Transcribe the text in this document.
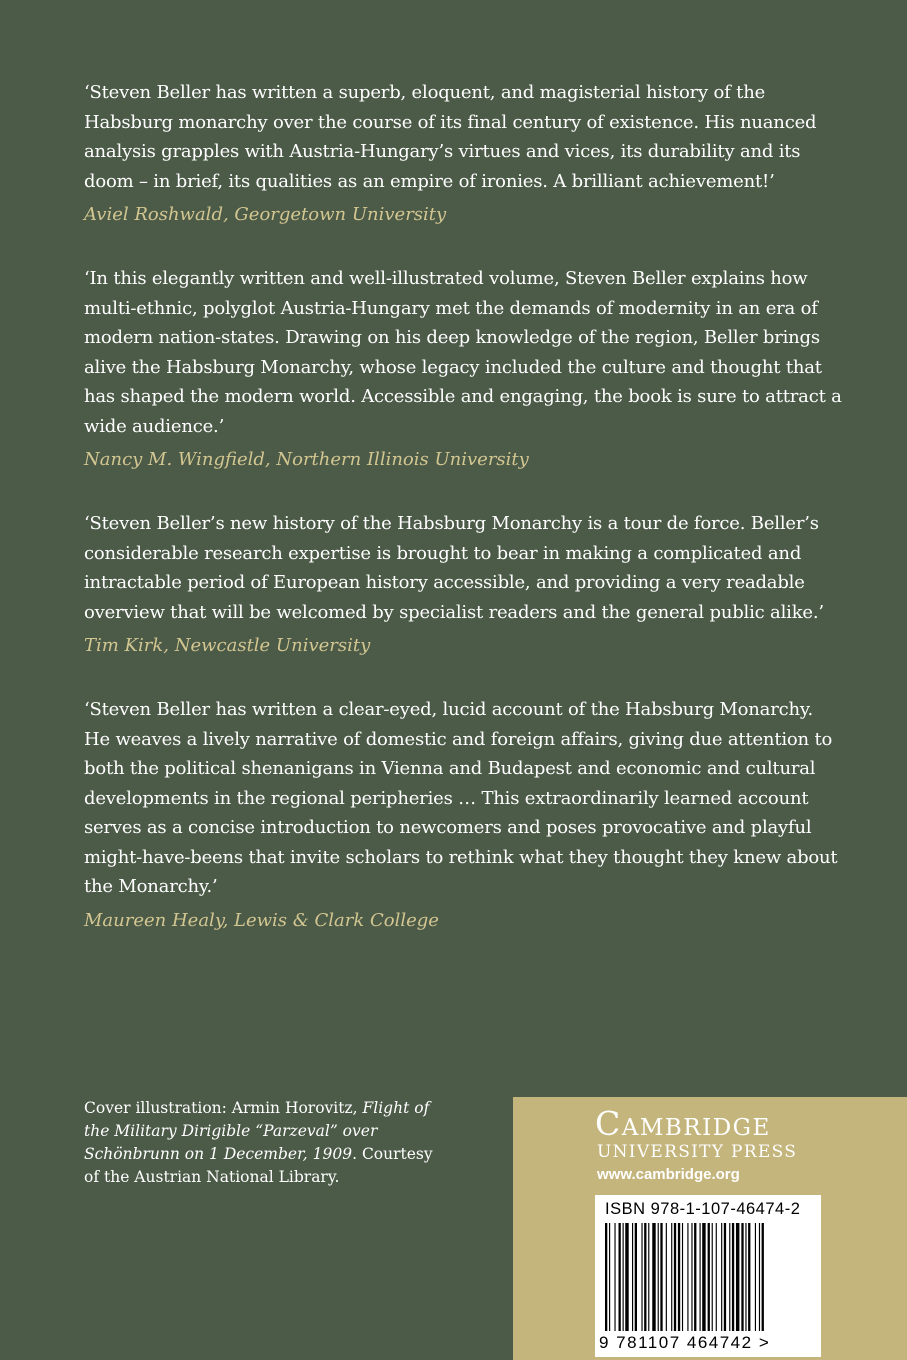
‘Steven Beller has written a superb, eloquent, and magisterial history of the Habsburg monarchy over the course of its final century of existence. His nuanced analysis grapples with Austria-Hungary’s virtues and vices, its durability and its doom – in brief, its qualities as an empire of ironies. A brilliant achievement!’

Aviel Roshwald, Georgetown University

‘In this elegantly written and well-illustrated volume, Steven Beller explains how multi-ethnic, polyglot Austria-Hungary met the demands of modernity in an era of modern nation-states. Drawing on his deep knowledge of the region, Beller brings alive the Habsburg Monarchy, whose legacy included the culture and thought that has shaped the modern world. Accessible and engaging, the book is sure to attract a wide audience.’

Nancy M. Wingfield, Northern Illinois University

‘Steven Beller’s new history of the Habsburg Monarchy is a tour de force. Beller’s considerable research expertise is brought to bear in making a complicated and intractable period of European history accessible, and providing a very readable overview that will be welcomed by specialist readers and the general public alike.’

Tim Kirk, Newcastle University

‘Steven Beller has written a clear-eyed, lucid account of the Habsburg Monarchy. He weaves a lively narrative of domestic and foreign affairs, giving due attention to both the political shenanigans in Vienna and Budapest and economic and cultural developments in the regional peripheries … This extraordinarily learned account serves as a concise introduction to newcomers and poses provocative and playful might-have-beens that invite scholars to rethink what they thought they knew about the Monarchy.’

Maureen Healy, Lewis & Clark College

Cover illustration: Armin Horovitz, Flight of the Military Dirigible “Parzeval” over Schönbrunn on 1 December, 1909. Courtesy of the Austrian National Library.
Cambridge
UNIVERSITY PRESS
www.cambridge.org
ISBN 978-1-107-46474-2
9 781107 464742 >
